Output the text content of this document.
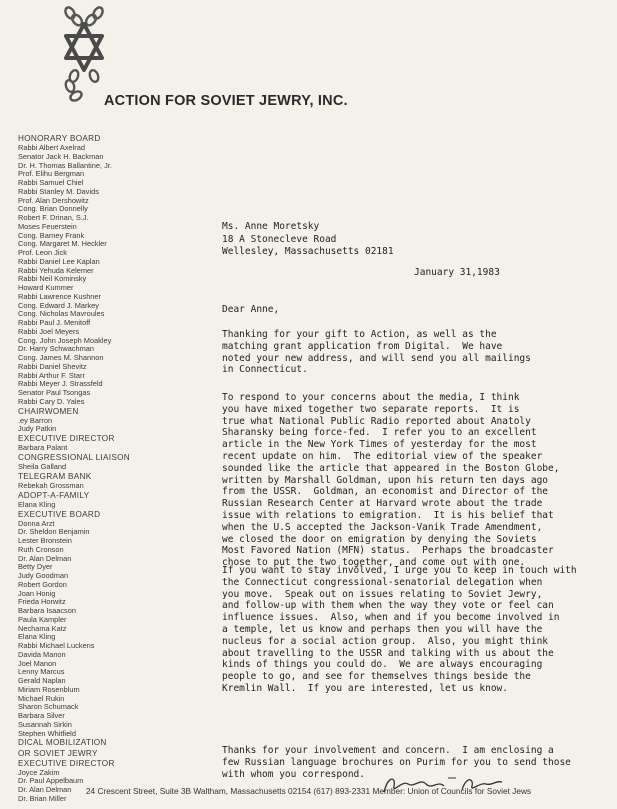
ACTION FOR SOVIET JEWRY, INC.
HONORARY BOARD
Rabbi Albert Axelrad
Senator Jack H. Backman
Dr. H. Thomas Ballantine, Jr.
Prof. Elihu Bergman
Rabbi Samuel Chiel
Rabbi Stanley M. Davids
Prof. Alan Dershowitz
Cong. Brian Donnelly
Robert F. Drinan, S.J.
Moses Feuerstein
Cong. Barney Frank
Cong. Margaret M. Heckler
Prof. Leon Jick
Rabbi Daniel Lee Kaplan
Rabbi Yehuda Kelemer
Rabbi Neil Kominsky
Howard Kummer
Rabbi Lawrence Kushner
Cong. Edward J. Markey
Cong. Nicholas Mavroules
Rabbi Paul J. Menitoff
Rabbi Joel Meyers
Cong. John Joseph Moakley
Dr. Harry Schwachman
Cong. James M. Shannon
Rabbi Daniel Shevitz
Rabbi Arthur F. Starr
Rabbi Meyer J. Strassfeld
Senator Paul Tsongas
Rabbi Cary D. Yales
CHAIRWOMEN
.ey Barron
Judy Patkin
EXECUTIVE DIRECTOR
Barbara Palant
CONGRESSIONAL LIAISON
Sheila Galland
TELEGRAM BANK
Rebekah Grossman
ADOPT-A-FAMILY
Elana Kling
EXECUTIVE BOARD
Donna Arzt
Dr. Sheldon Benjamin
Lester Bronstein
Ruth Cronson
Dr. Alan Delman
Betty Dyer
Judy Goodman
Robert Gordon
Joan Honig
Frieda Horwitz
Barbara Isaacson
Paula Kampler
Nechama Katz
Elana Kling
Rabbi Michael Luckens
Davida Manon
Joel Manon
Lenny Marcus
Gerald Naplan
Miriam Rosenblum
Michael Rukin
Sharon Schumack
Barbara Silver
Susannah Sirkin
Stephen Whitfield
DICAL MOBILIZATION
OR SOVIET JEWRY
EXECUTIVE DIRECTOR
Joyce Zakim
Dr. Paul Appelbaum
Dr. Alan Delman
Dr. Brian Miller
Ms. Anne Moretsky
18 A Stonecleve Road
Wellesley, Massachusetts 02181
January 31,1983
Dear Anne,
Thanking for your gift to Action, as well as the
matching grant application from Digital.  We have
noted your new address, and will send you all mailings
in Connecticut.
To respond to your concerns about the media, I think
you have mixed together two separate reports.  It is
true what National Public Radio reported about Anatoly
Sharansky being force-fed.  I refer you to an excellent
article in the New York Times of yesterday for the most
recent update on him.  The editorial view of the speaker
sounded like the article that appeared in the Boston Globe,
written by Marshall Goldman, upon his return ten days ago
from the USSR.  Goldman, an economist and Director of the
Russian Research Center at Harvard wrote about the trade
issue with relations to emigration.  It is his belief that
when the U.S accepted the Jackson-Vanik Trade Amendment,
we closed the door on emigration by denying the Soviets
Most Favored Nation (MFN) status.  Perhaps the broadcaster
chose to put the two together, and come out with one.
If you want to stay involved, I urge you to keep in touch with
the Connecticut congressional-senatorial delegation when
you move.  Speak out on issues relating to Soviet Jewry,
and follow-up with them when the way they vote or feel can
influence issues.  Also, when and if you become involved in
a temple, let us know and perhaps then you will have the
nucleus for a social action group.  Also, you might think
about travelling to the USSR and talking with us about the
kinds of things you could do.  We are always encouraging
people to go, and see for themselves things beside the
Kremlin Wall.  If you are interested, let us know.
Thanks for your involvement and concern.  I am enclosing a
few Russian language brochures on Purim for you to send those
with whom you correspond.
24 Crescent Street, Suite 3B Waltham, Massachusetts 02154 (617) 893-2331 Member: Union of Councils for Soviet Jews
